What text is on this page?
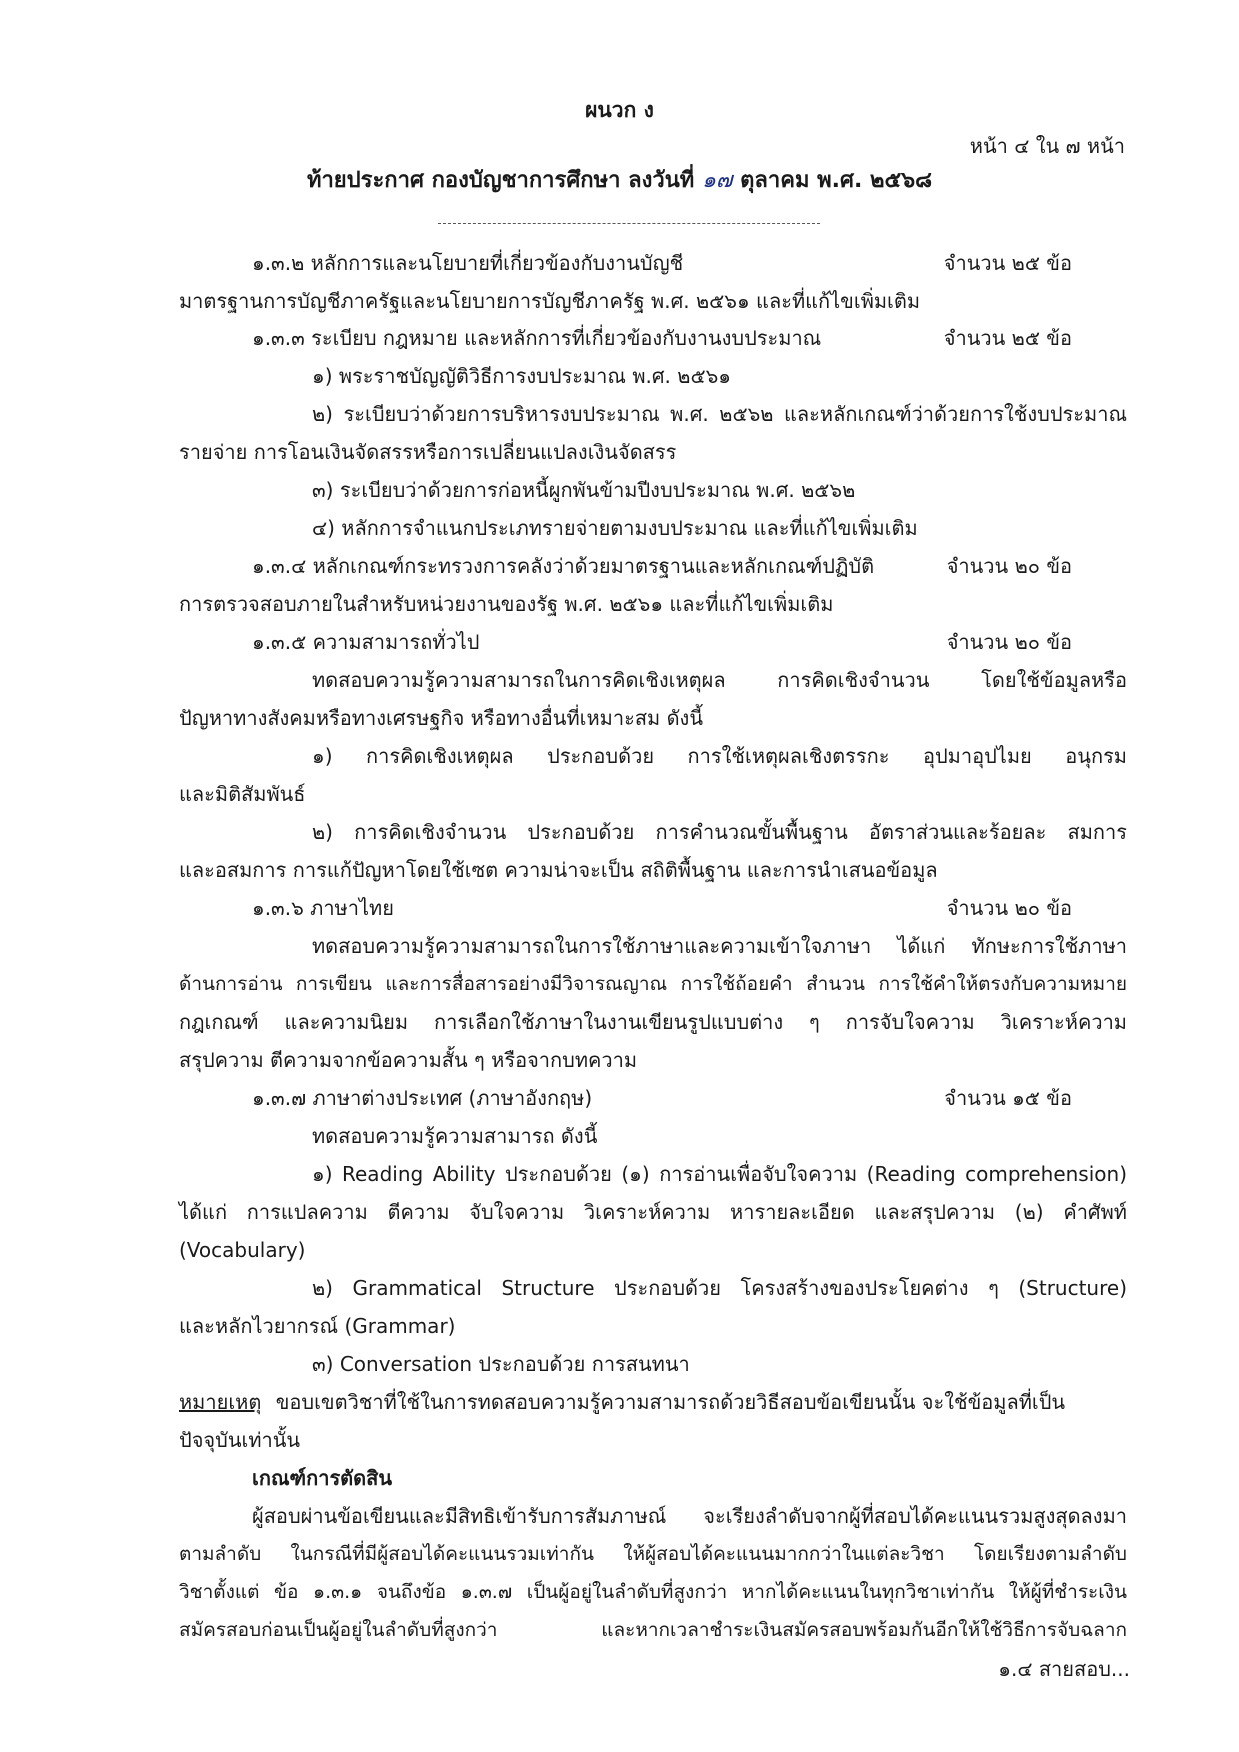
ผนวก ง
หน้า ๔ ใน ๗ หน้า
ท้ายประกาศ กองบัญชาการศึกษา ลงวันที่ ๑๗ ตุลาคม พ.ศ. ๒๕๖๘
๑.๓.๒ หลักการและนโยบายที่เกี่ยวข้องกับงานบัญชี	จำนวน ๒๕ ข้อ
มาตรฐานการบัญชีภาครัฐและนโยบายการบัญชีภาครัฐ พ.ศ. ๒๕๖๑ และที่แก้ไขเพิ่มเติม
๑.๓.๓ ระเบียบ กฎหมาย และหลักการที่เกี่ยวข้องกับงานงบประมาณ	จำนวน ๒๕ ข้อ
๑) พระราชบัญญัติวิธีการงบประมาณ พ.ศ. ๒๕๖๑
๒) ระเบียบว่าด้วยการบริหารงบประมาณ พ.ศ. ๒๕๖๒ และหลักเกณฑ์ว่าด้วยการใช้งบประมาณ
รายจ่าย การโอนเงินจัดสรรหรือการเปลี่ยนแปลงเงินจัดสรร
๓) ระเบียบว่าด้วยการก่อหนี้ผูกพันข้ามปีงบประมาณ พ.ศ. ๒๕๖๒
๔) หลักการจำแนกประเภทรายจ่ายตามงบประมาณ และที่แก้ไขเพิ่มเติม
๑.๓.๔ หลักเกณฑ์กระทรวงการคลังว่าด้วยมาตรฐานและหลักเกณฑ์ปฏิบัติ	จำนวน ๒๐ ข้อ
การตรวจสอบภายในสำหรับหน่วยงานของรัฐ พ.ศ. ๒๕๖๑ และที่แก้ไขเพิ่มเติม
๑.๓.๕ ความสามารถทั่วไป	จำนวน ๒๐ ข้อ
ทดสอบความรู้ความสามารถในการคิดเชิงเหตุผล การคิดเชิงจำนวน โดยใช้ข้อมูลหรือ
ปัญหาทางสังคมหรือทางเศรษฐกิจ หรือทางอื่นที่เหมาะสม ดังนี้
๑) การคิดเชิงเหตุผล ประกอบด้วย การใช้เหตุผลเชิงตรรกะ อุปมาอุปไมย อนุกรม
และมิติสัมพันธ์
๒) การคิดเชิงจำนวน ประกอบด้วย การคำนวณขั้นพื้นฐาน อัตราส่วนและร้อยละ สมการ
และอสมการ การแก้ปัญหาโดยใช้เซต ความน่าจะเป็น สถิติพื้นฐาน และการนำเสนอข้อมูล
๑.๓.๖ ภาษาไทย	จำนวน ๒๐ ข้อ
ทดสอบความรู้ความสามารถในการใช้ภาษาและความเข้าใจภาษา ได้แก่ ทักษะการใช้ภาษา
ด้านการอ่าน การเขียน และการสื่อสารอย่างมีวิจารณญาณ การใช้ถ้อยคำ สำนวน การใช้คำให้ตรงกับความหมาย
กฎเกณฑ์ และความนิยม การเลือกใช้ภาษาในงานเขียนรูปแบบต่าง ๆ การจับใจความ วิเคราะห์ความ
สรุปความ ตีความจากข้อความสั้น ๆ หรือจากบทความ
๑.๓.๗ ภาษาต่างประเทศ (ภาษาอังกฤษ)	จำนวน ๑๕ ข้อ
ทดสอบความรู้ความสามารถ ดังนี้
๑) Reading Ability ประกอบด้วย (๑) การอ่านเพื่อจับใจความ (Reading comprehension)
ได้แก่ การแปลความ ตีความ จับใจความ วิเคราะห์ความ หารายละเอียด และสรุปความ (๒) คำศัพท์
(Vocabulary)
๒) Grammatical Structure ประกอบด้วย โครงสร้างของประโยคต่าง ๆ (Structure)
และหลักไวยากรณ์ (Grammar)
๓) Conversation ประกอบด้วย การสนทนา
หมายเหตุ ขอบเขตวิชาที่ใช้ในการทดสอบความรู้ความสามารถด้วยวิธีสอบข้อเขียนนั้น จะใช้ข้อมูลที่เป็น
ปัจจุบันเท่านั้น
เกณฑ์การตัดสิน
ผู้สอบผ่านข้อเขียนและมีสิทธิเข้ารับการสัมภาษณ์ จะเรียงลำดับจากผู้ที่สอบได้คะแนนรวมสูงสุดลงมา
ตามลำดับ ในกรณีที่มีผู้สอบได้คะแนนรวมเท่ากัน ให้ผู้สอบได้คะแนนมากกว่าในแต่ละวิชา โดยเรียงตามลำดับ
วิชาตั้งแต่ ข้อ ๑.๓.๑ จนถึงข้อ ๑.๓.๗ เป็นผู้อยู่ในลำดับที่สูงกว่า หากได้คะแนนในทุกวิชาเท่ากัน ให้ผู้ที่ชำระเงิน
สมัครสอบก่อนเป็นผู้อยู่ในลำดับที่สูงกว่า และหากเวลาชำระเงินสมัครสอบพร้อมกันอีกให้ใช้วิธีการจับฉลาก
๑.๔ สายสอบ...
